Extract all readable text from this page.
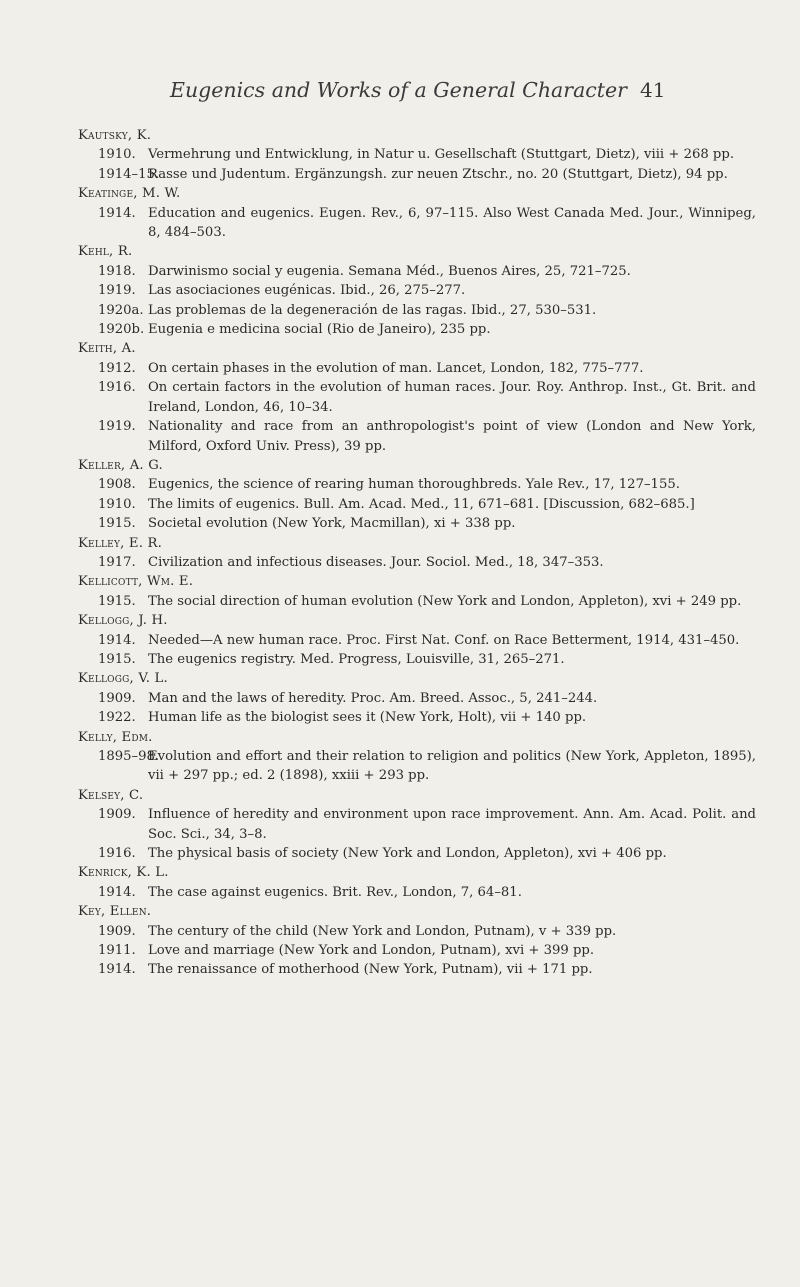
Eugenics and Works of a General Character 41
Kautsky, K.
1910. Vermehrung und Entwicklung, in Natur u. Gesellschaft (Stuttgart, Dietz), viii + 268 pp.
1914–15.
Rasse und Judentum. Ergänzungsh. zur neuen Ztschr., no. 20 (Stuttgart, Dietz), 94 pp.
Keatinge, M. W.
1914. Education and eugenics. Eugen. Rev., 6, 97–115. Also West Canada Med. Jour., Winnipeg, 8, 484–503.
Kehl, R.
1918. Darwinismo social y eugenia. Semana Méd., Buenos Aires, 25, 721–725.
1919. Las asociaciones eugénicas. Ibid., 26, 275–277.
1920a. Las problemas de la degeneración de las ragas. Ibid., 27, 530–531.
1920b. Eugenia e medicina social (Rio de Janeiro), 235 pp.
Keith, A.
1912. On certain phases in the evolution of man. Lancet, London, 182, 775–777.
1916. On certain factors in the evolution of human races. Jour. Roy. Anthrop. Inst., Gt. Brit. and Ireland, London, 46, 10–34.
1919. Nationality and race from an anthropologist's point of view (London and New York, Milford, Oxford Univ. Press), 39 pp.
Keller, A. G.
1908. Eugenics, the science of rearing human thoroughbreds. Yale Rev., 17, 127–155.
1910. The limits of eugenics. Bull. Am. Acad. Med., 11, 671–681. [Discussion, 682–685.]
1915. Societal evolution (New York, Macmillan), xi + 338 pp.
Kelley, E. R.
1917. Civilization and infectious diseases. Jour. Sociol. Med., 18, 347–353.
Kellicott, Wm. E.
1915. The social direction of human evolution (New York and London, Appleton), xvi + 249 pp.
Kellogg, J. H.
1914. Needed—A new human race. Proc. First Nat. Conf. on Race Betterment, 1914, 431–450.
1915. The eugenics registry. Med. Progress, Louisville, 31, 265–271.
Kellogg, V. L.
1909. Man and the laws of heredity. Proc. Am. Breed. Assoc., 5, 241–244.
1922. Human life as the biologist sees it (New York, Holt), vii + 140 pp.
Kelly, Edm.
1895–98.
Evolution and effort and their relation to religion and politics (New York, Appleton, 1895), vii + 297 pp.; ed. 2 (1898), xxiii + 293 pp.
Kelsey, C.
1909. Influence of heredity and environment upon race improvement. Ann. Am. Acad. Polit. and Soc. Sci., 34, 3–8.
1916. The physical basis of society (New York and London, Appleton), xvi + 406 pp.
Kenrick, K. L.
1914. The case against eugenics. Brit. Rev., London, 7, 64–81.
Key, Ellen.
1909. The century of the child (New York and London, Putnam), v + 339 pp.
1911. Love and marriage (New York and London, Putnam), xvi + 399 pp.
1914. The renaissance of motherhood (New York, Putnam), vii + 171 pp.
